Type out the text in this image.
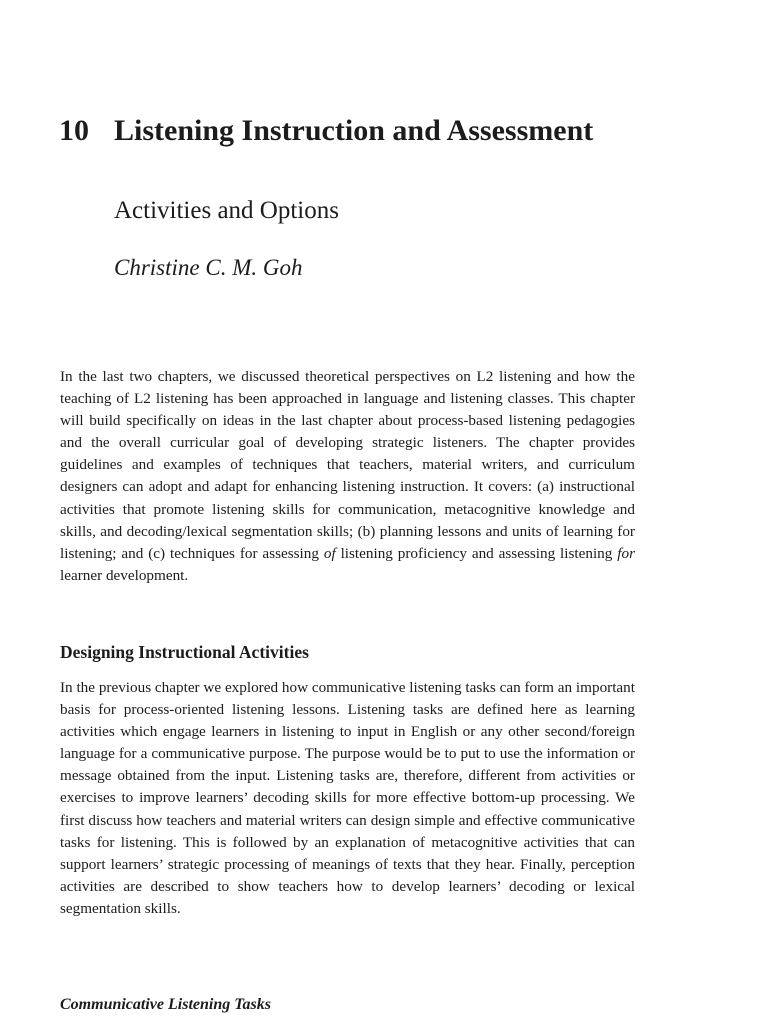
10 Listening Instruction and Assessment
Activities and Options
Christine C. M. Goh

In the last two chapters, we discussed theoretical perspectives on L2 listening and how the teaching of L2 listening has been approached in language and listening classes. This chapter will build specifically on ideas in the last chapter about process-based listening pedagogies and the overall curricular goal of developing strategic listeners. The chapter provides guidelines and examples of techniques that teachers, material writers, and curriculum designers can adopt and adapt for enhancing listening instruction. It covers: (a) instructional activities that promote listening skills for communication, metacognitive knowledge and skills, and decoding/lexical segmentation skills; (b) planning lessons and units of learning for listening; and (c) techniques for assessing of listening proficiency and assessing listening for learner development.

Designing Instructional Activities

In the previous chapter we explored how communicative listening tasks can form an important basis for process-oriented listening lessons. Listening tasks are defined here as learning activities which engage learners in listening to input in English or any other second/foreign language for a communicative purpose. The purpose would be to put to use the information or message obtained from the input. Listening tasks are, therefore, different from activities or exercises to improve learners’ decoding skills for more effective bottom-up processing. We first discuss how teachers and material writers can design simple and effective communicative tasks for listening. This is followed by an explanation of metacognitive activities that can support learners’ strategic processing of meanings of texts that they hear. Finally, perception activities are described to show teachers how to develop learners’ decoding or lexical segmentation skills.

Communicative Listening Tasks
